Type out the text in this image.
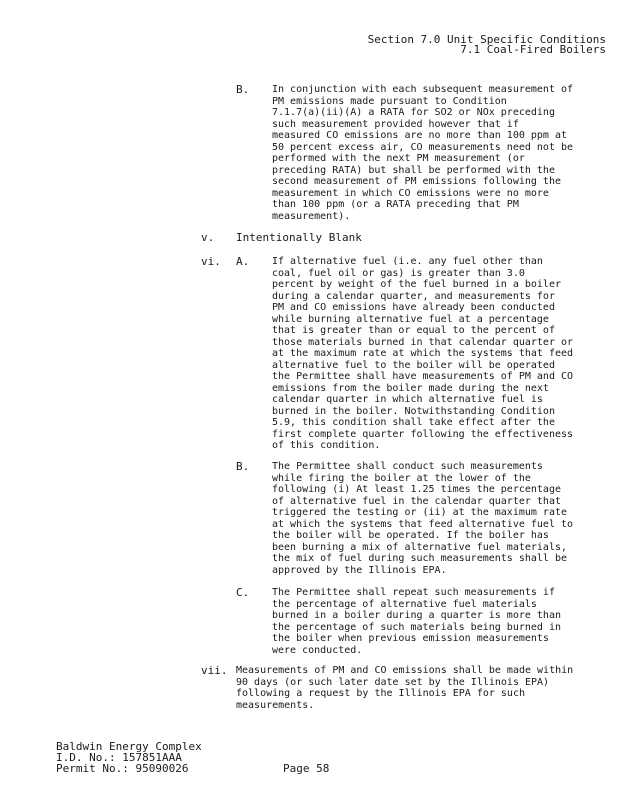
Section 7.0 Unit Specific Conditions
7.1 Coal-Fired Boilers
B. In conjunction with each subsequent measurement of
PM emissions made pursuant to Condition
7.1.7(a)(ii)(A) a RATA for SO2 or NOx preceding
such measurement provided however that if
measured CO emissions are no more than 100 ppm at
50 percent excess air, CO measurements need not be
performed with the next PM measurement (or
preceding RATA) but shall be performed with the
second measurement of PM emissions following the
measurement in which CO emissions were no more
than 100 ppm (or a RATA preceding that PM
measurement).
v. Intentionally Blank
vi. A. If alternative fuel (i.e. any fuel other than
coal, fuel oil or gas) is greater than 3.0
percent by weight of the fuel burned in a boiler
during a calendar quarter, and measurements for
PM and CO emissions have already been conducted
while burning alternative fuel at a percentage
that is greater than or equal to the percent of
those materials burned in that calendar quarter or
at the maximum rate at which the systems that feed
alternative fuel to the boiler will be operated
the Permittee shall have measurements of PM and CO
emissions from the boiler made during the next
calendar quarter in which alternative fuel is
burned in the boiler. Notwithstanding Condition
5.9, this condition shall take effect after the
first complete quarter following the effectiveness
of this condition.
B. The Permittee shall conduct such measurements
while firing the boiler at the lower of the
following (i) At least 1.25 times the percentage
of alternative fuel in the calendar quarter that
triggered the testing or (ii) at the maximum rate
at which the systems that feed alternative fuel to
the boiler will be operated. If the boiler has
been burning a mix of alternative fuel materials,
the mix of fuel during such measurements shall be
approved by the Illinois EPA.
C. The Permittee shall repeat such measurements if
the percentage of alternative fuel materials
burned in a boiler during a quarter is more than
the percentage of such materials being burned in
the boiler when previous emission measurements
were conducted.
vii. Measurements of PM and CO emissions shall be made within
90 days (or such later date set by the Illinois EPA)
following a request by the Illinois EPA for such
measurements.
Baldwin Energy Complex
I.D. No.: 157851AAA
Permit No.: 95090026	Page 58
